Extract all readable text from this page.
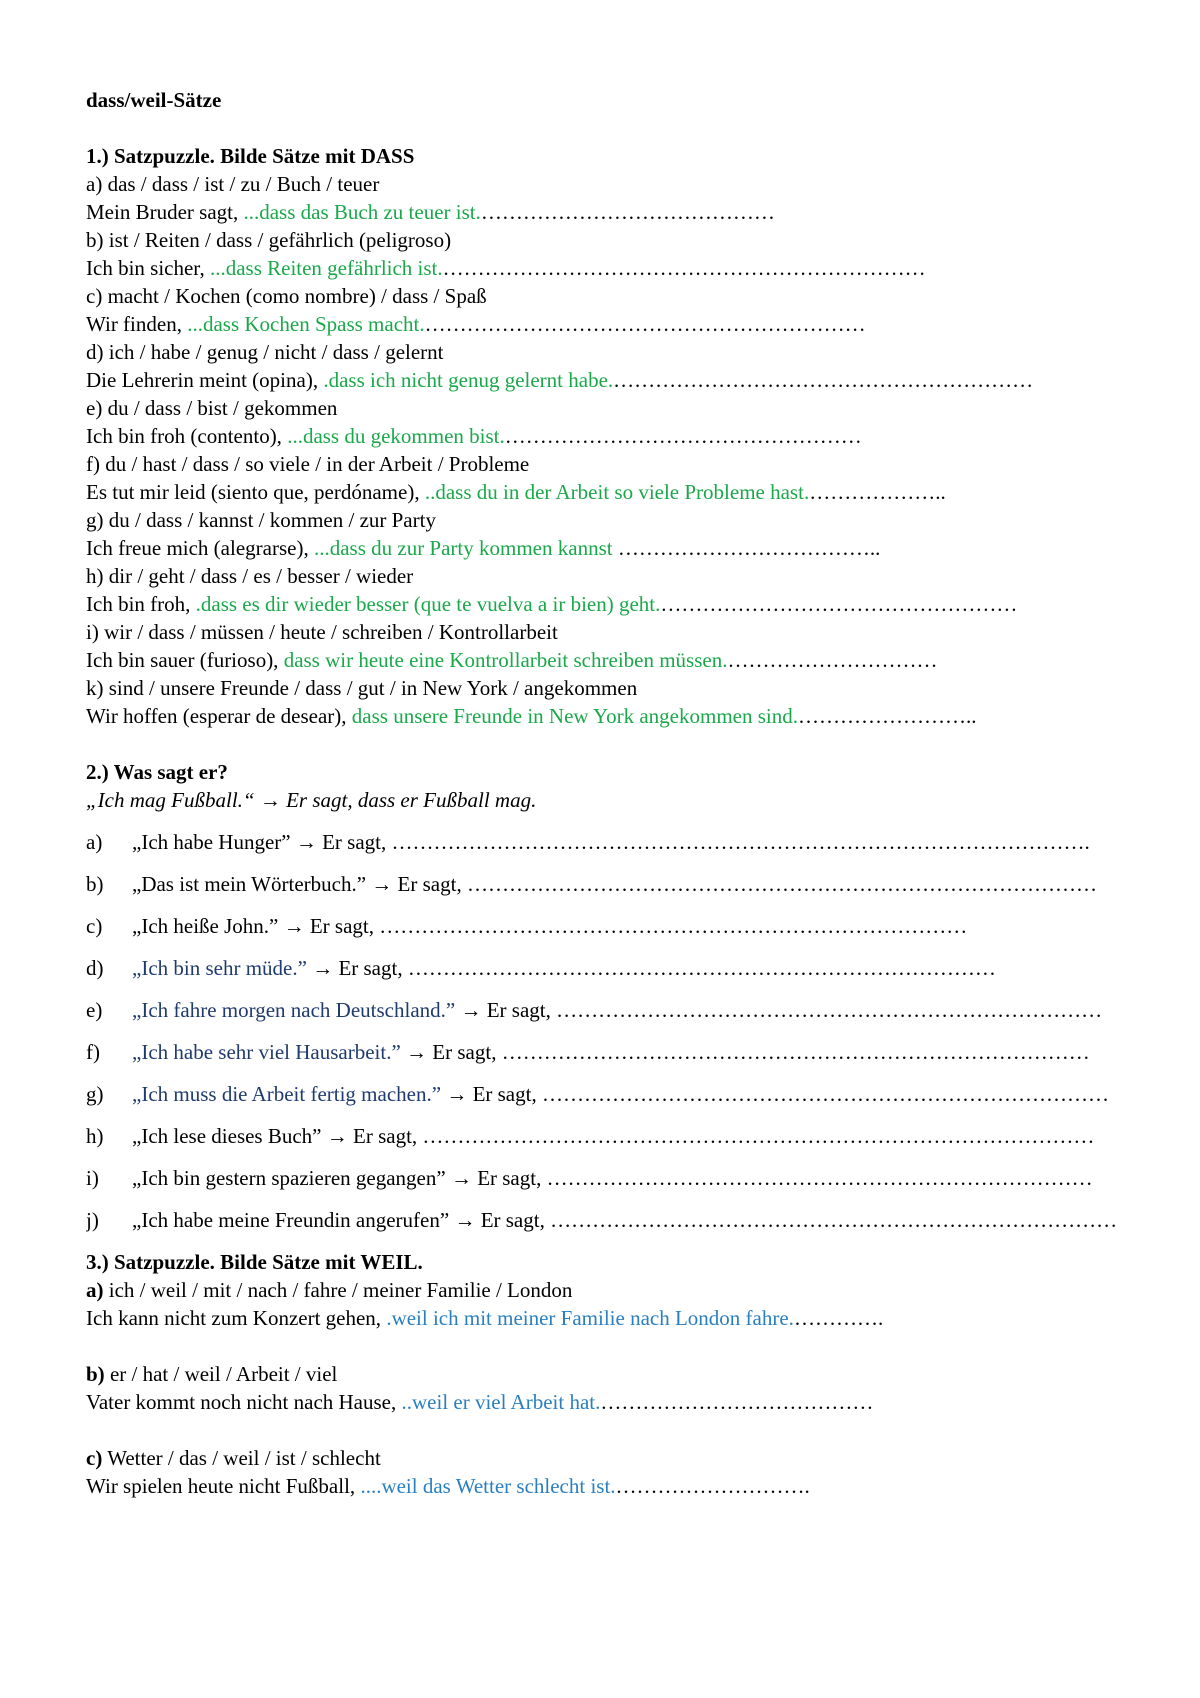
dass/weil-Sätze
1.) Satzpuzzle. Bilde Sätze mit DASS
a) das / dass / ist / zu / Buch / teuer
Mein Bruder sagt, ...dass das Buch zu teuer ist.……………………………………
b) ist / Reiten / dass / gefährlich (peligroso)
Ich bin sicher, ...dass Reiten gefährlich ist.……………………………………………………………
c) macht / Kochen (como nombre) / dass / Spaß
Wir finden, ...dass Kochen Spass macht.………………………………………………………
d) ich / habe / genug / nicht / dass / gelernt
Die Lehrerin meint (opina), .dass ich nicht genug gelernt habe.……………………………………………………
e) du / dass / bist / gekommen
Ich bin froh (contento), ...dass du gekommen bist.……………………………………………
f) du / hast / dass / so viele / in der Arbeit / Probleme
Es tut mir leid (siento que, perdóname), ..dass du in der Arbeit so viele Probleme hast.………………..
g) du / dass / kannst / kommen / zur Party
Ich freue mich (alegrarse), ...dass du zur Party kommen kannst ………………………………..
h) dir / geht / dass / es / besser / wieder
Ich bin froh, .dass es dir wieder besser (que te vuelva a ir bien) geht.……………………………………………
i) wir / dass / müssen / heute / schreiben / Kontrollarbeit
Ich bin sauer (furioso), dass wir heute eine Kontrollarbeit schreiben müssen.…………………………
k) sind / unsere Freunde / dass / gut / in New York / angekommen
Wir hoffen (esperar de desear), dass unsere Freunde in New York angekommen sind.……………………..
2.) Was sagt er?
„Ich mag Fußball.“ → Er sagt, dass er Fußball mag.
a) „Ich habe Hunger” → Er sagt, ……………………………………………………………………………………….
b) „Das ist mein Wörterbuch.” → Er sagt, ………………………………………………………………………………
c) „Ich heiße John.” → Er sagt, …………………………………………………………………………
d) „Ich bin sehr müde.” → Er sagt, …………………………………………………………………………
e) „Ich fahre morgen nach Deutschland.” → Er sagt, ……………………………………………………………………
f) „Ich habe sehr viel Hausarbeit.” → Er sagt, …………………………………………………………………………
g) „Ich muss die Arbeit fertig machen.” → Er sagt, ………………………………………………………………………
h) „Ich lese dieses Buch” → Er sagt, ……………………………………………………………………………………
i) „Ich bin gestern spazieren gegangen” → Er sagt, ……………………………………………………………………
j) „Ich habe meine Freundin angerufen” → Er sagt, ………………………………………………………………………
3.) Satzpuzzle. Bilde Sätze mit WEIL.
a) ich / weil / mit / nach / fahre / meiner Familie / London
Ich kann nicht zum Konzert gehen, .weil ich mit meiner Familie nach London fahre.………….
b) er / hat / weil / Arbeit / viel
Vater kommt noch nicht nach Hause, ..weil er viel Arbeit hat.…………………………………
c) Wetter / das / weil / ist / schlecht
Wir spielen heute nicht Fußball, ....weil das Wetter schlecht ist.……………………….
